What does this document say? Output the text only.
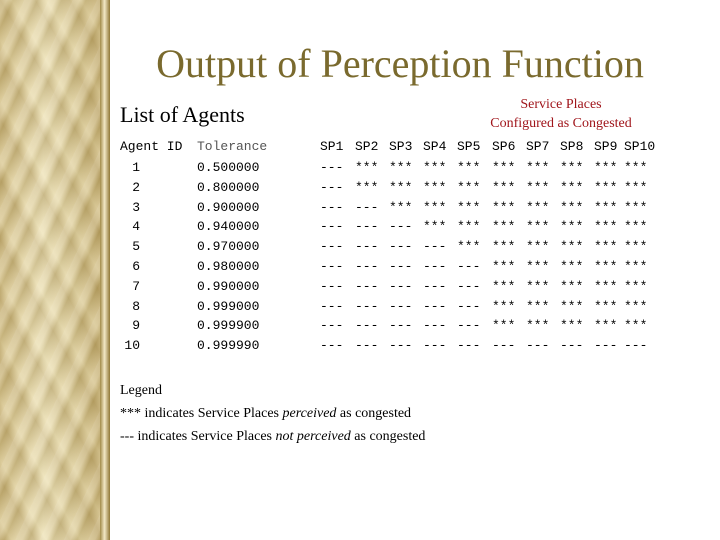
Output of Perception Function
List of Agents	Service Places
Configured as Congested
Agent ID Tolerance	SP1 SP2 SP3 SP4 SP5 SP6 SP7 SP8 SP9 SP10
1	0.500000	--- *** *** *** *** *** *** *** *** ***
2	0.800000	--- *** *** *** *** *** *** *** *** ***
3	0.900000	--- --- *** *** *** *** *** *** *** ***
4	0.940000	--- --- --- *** *** *** *** *** *** ***
5	0.970000	--- --- --- --- *** *** *** *** *** ***
6	0.980000	--- --- --- --- --- *** *** *** *** ***
7	0.990000	--- --- --- --- --- *** *** *** *** ***
8	0.999000	--- --- --- --- --- *** *** *** *** ***
9	0.999900	--- --- --- --- --- *** *** *** *** ***
10	0.999990	--- --- --- --- --- --- --- --- --- ---
Legend
*** indicates Service Places perceived as congested
--- indicates Service Places not perceived as congested
